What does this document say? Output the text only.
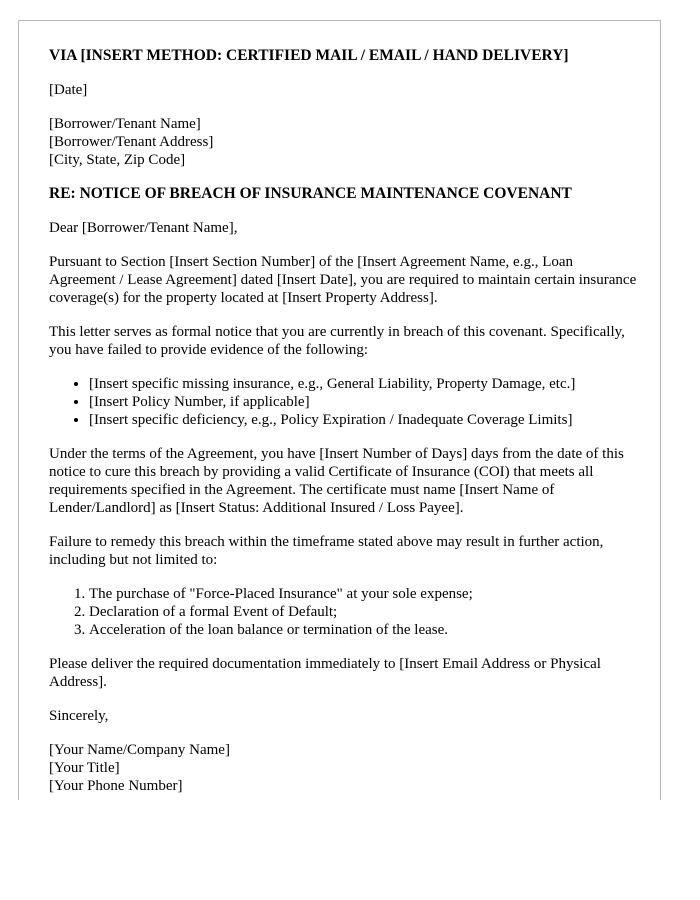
VIA [INSERT METHOD: CERTIFIED MAIL / EMAIL / HAND DELIVERY]

[Date]

[Borrower/Tenant Name]
[Borrower/Tenant Address]
[City, State, Zip Code]

RE: NOTICE OF BREACH OF INSURANCE MAINTENANCE COVENANT

Dear [Borrower/Tenant Name],

Pursuant to Section [Insert Section Number] of the [Insert Agreement Name, e.g., Loan Agreement / Lease Agreement] dated [Insert Date], you are required to maintain certain insurance coverage(s) for the property located at [Insert Property Address].

This letter serves as formal notice that you are currently in breach of this covenant. Specifically, you have failed to provide evidence of the following:

• [Insert specific missing insurance, e.g., General Liability, Property Damage, etc.]
• [Insert Policy Number, if applicable]
• [Insert specific deficiency, e.g., Policy Expiration / Inadequate Coverage Limits]

Under the terms of the Agreement, you have [Insert Number of Days] days from the date of this notice to cure this breach by providing a valid Certificate of Insurance (COI) that meets all requirements specified in the Agreement. The certificate must name [Insert Name of Lender/Landlord] as [Insert Status: Additional Insured / Loss Payee].

Failure to remedy this breach within the timeframe stated above may result in further action, including but not limited to:

1. The purchase of "Force-Placed Insurance" at your sole expense;
2. Declaration of a formal Event of Default;
3. Acceleration of the loan balance or termination of the lease.

Please deliver the required documentation immediately to [Insert Email Address or Physical Address].

Sincerely,

[Your Name/Company Name]
[Your Title]
[Your Phone Number]
